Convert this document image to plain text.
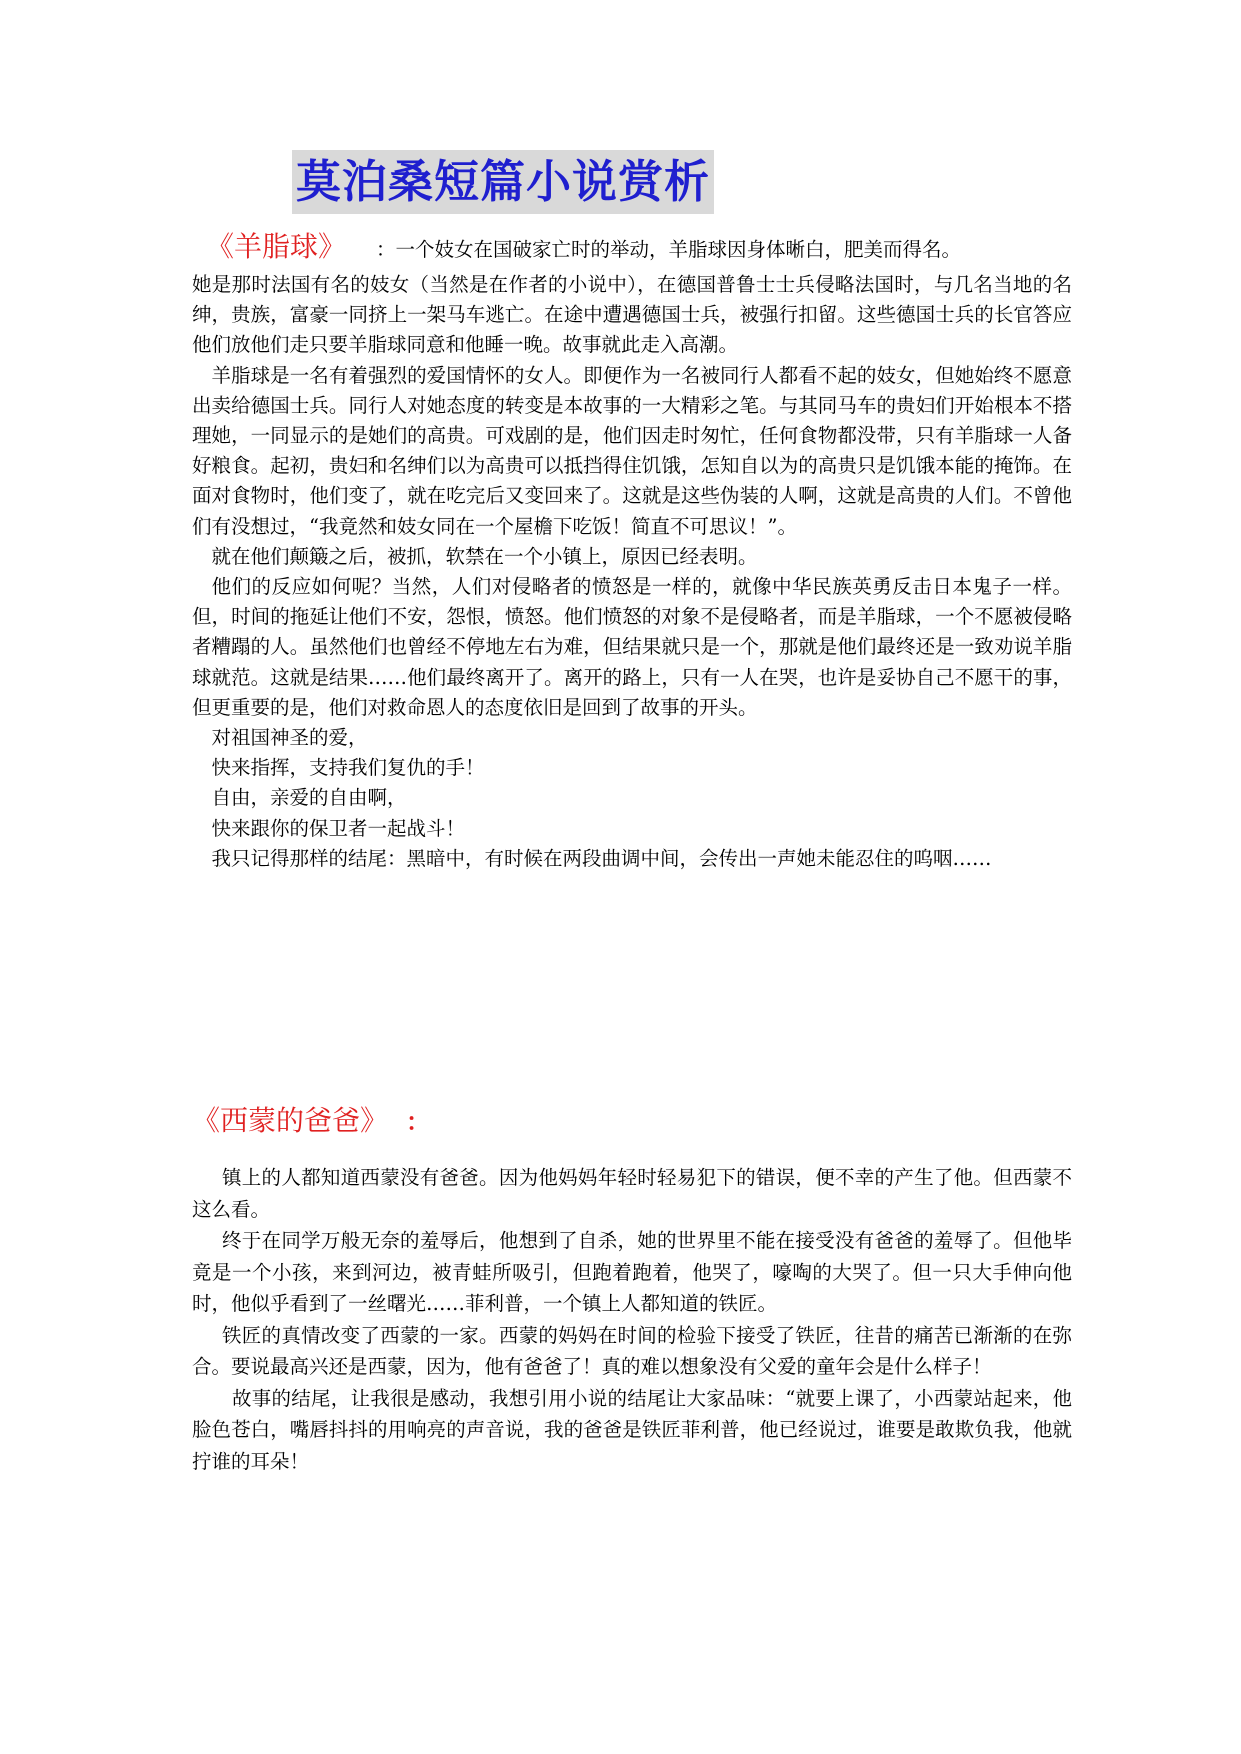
莫泊桑短篇小说赏析
《羊脂球》 ：一个妓女在国破家亡时的举动，羊脂球因身体晰白，肥美而得名。

她是那时法国有名的妓女（当然是在作者的小说中），在德国普鲁士士兵侵略法国时，与几名当地的名绅，贵族，富豪一同挤上一架马车逃亡。在途中遭遇德国士兵，被强行扣留。这些德国士兵的长官答应他们放他们走只要羊脂球同意和他睡一晚。故事就此走入高潮。

羊脂球是一名有着强烈的爱国情怀的女人。即便作为一名被同行人都看不起的妓女，但她始终不愿意出卖给德国士兵。同行人对她态度的转变是本故事的一大精彩之笔。与其同马车的贵妇们开始根本不搭理她，一同显示的是她们的高贵。可戏剧的是，他们因走时匆忙，任何食物都没带，只有羊脂球一人备好粮食。起初，贵妇和名绅们以为高贵可以抵挡得住饥饿，怎知自以为的高贵只是饥饿本能的掩饰。在面对食物时，他们变了，就在吃完后又变回来了。这就是这些伪装的人啊，这就是高贵的人们。不曾他们有没想过，“我竟然和妓女同在一个屋檐下吃饭！简直不可思议！”。

就在他们颠簸之后，被抓，软禁在一个小镇上，原因已经表明。

他们的反应如何呢？当然，人们对侵略者的愤怒是一样的，就像中华民族英勇反击日本鬼子一样。但，时间的拖延让他们不安，怨恨，愤怒。他们愤怒的对象不是侵略者，而是羊脂球，一个不愿被侵略者糟蹋的人。虽然他们也曾经不停地左右为难，但结果就只是一个，那就是他们最终还是一致劝说羊脂球就范。这就是结果……他们最终离开了。离开的路上，只有一人在哭，也许是妥协自己不愿干的事，但更重要的是，他们对救命恩人的态度依旧是回到了故事的开头。

对祖国神圣的爱，

快来指挥，支持我们复仇的手！

自由，亲爱的自由啊，

快来跟你的保卫者一起战斗！

我只记得那样的结尾：黑暗中，有时候在两段曲调中间，会传出一声她未能忍住的呜咽……

《西蒙的爸爸》 ：

镇上的人都知道西蒙没有爸爸。因为他妈妈年轻时轻易犯下的错误，便不幸的产生了他。但西蒙不这么看。

终于在同学万般无奈的羞辱后，他想到了自杀，她的世界里不能在接受没有爸爸的羞辱了。但他毕竟是一个小孩，来到河边，被青蛙所吸引，但跑着跑着，他哭了，嚎啕的大哭了。但一只大手伸向他时，他似乎看到了一丝曙光……菲利普，一个镇上人都知道的铁匠。

铁匠的真情改变了西蒙的一家。西蒙的妈妈在时间的检验下接受了铁匠，往昔的痛苦已渐渐的在弥合。要说最高兴还是西蒙，因为，他有爸爸了！真的难以想象没有父爱的童年会是什么样子！

故事的结尾，让我很是感动，我想引用小说的结尾让大家品味：“就要上课了，小西蒙站起来，他脸色苍白，嘴唇抖抖的用响亮的声音说，我的爸爸是铁匠菲利普，他已经说过，谁要是敢欺负我，他就拧谁的耳朵！
